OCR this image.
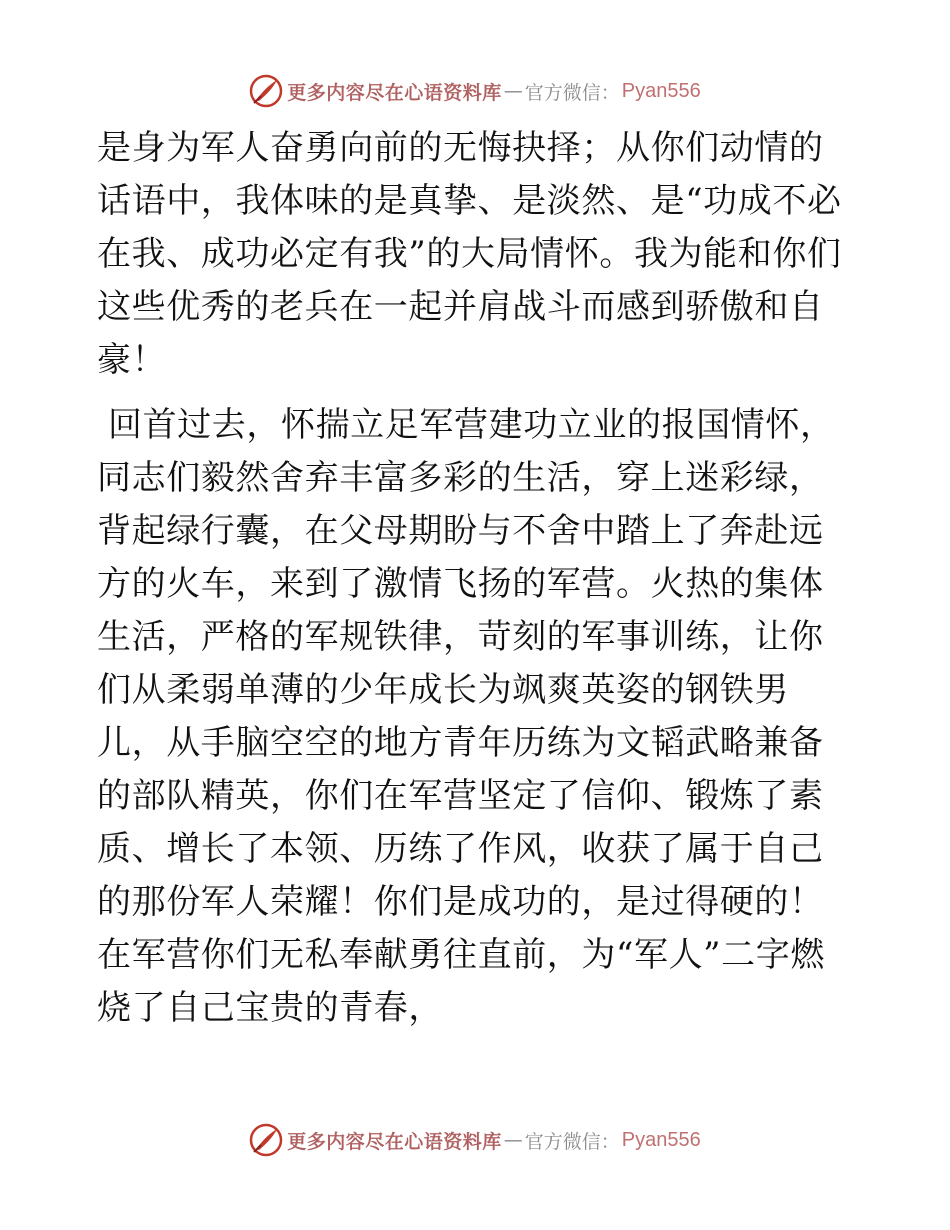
更多内容尽在心语资料库 — 官方微信： Pyan556

是身为军人奋勇向前的无悔抉择；从你们动情的话语中，我体味的是真挚、是淡然、是“功成不必在我、成功必定有我”的大局情怀。我为能和你们这些优秀的老兵在一起并肩战斗而感到骄傲和自豪！

回首过去，怀揣立足军营建功立业的报国情怀，同志们毅然舍弃丰富多彩的生活，穿上迷彩绿，背起绿行囊，在父母期盼与不舍中踏上了奔赴远方的火车，来到了激情飞扬的军营。火热的集体生活，严格的军规铁律，苛刻的军事训练，让你们从柔弱单薄的少年成长为飒爽英姿的钢铁男儿，从手脑空空的地方青年历练为文韬武略兼备的部队精英，你们在军营坚定了信仰、锻炼了素质、增长了本领、历练了作风，收获了属于自己的那份军人荣耀！你们是成功的，是过得硬的！在军营你们无私奉献勇往直前，为“军人”二字燃烧了自己宝贵的青春，

更多内容尽在心语资料库 — 官方微信： Pyan556
